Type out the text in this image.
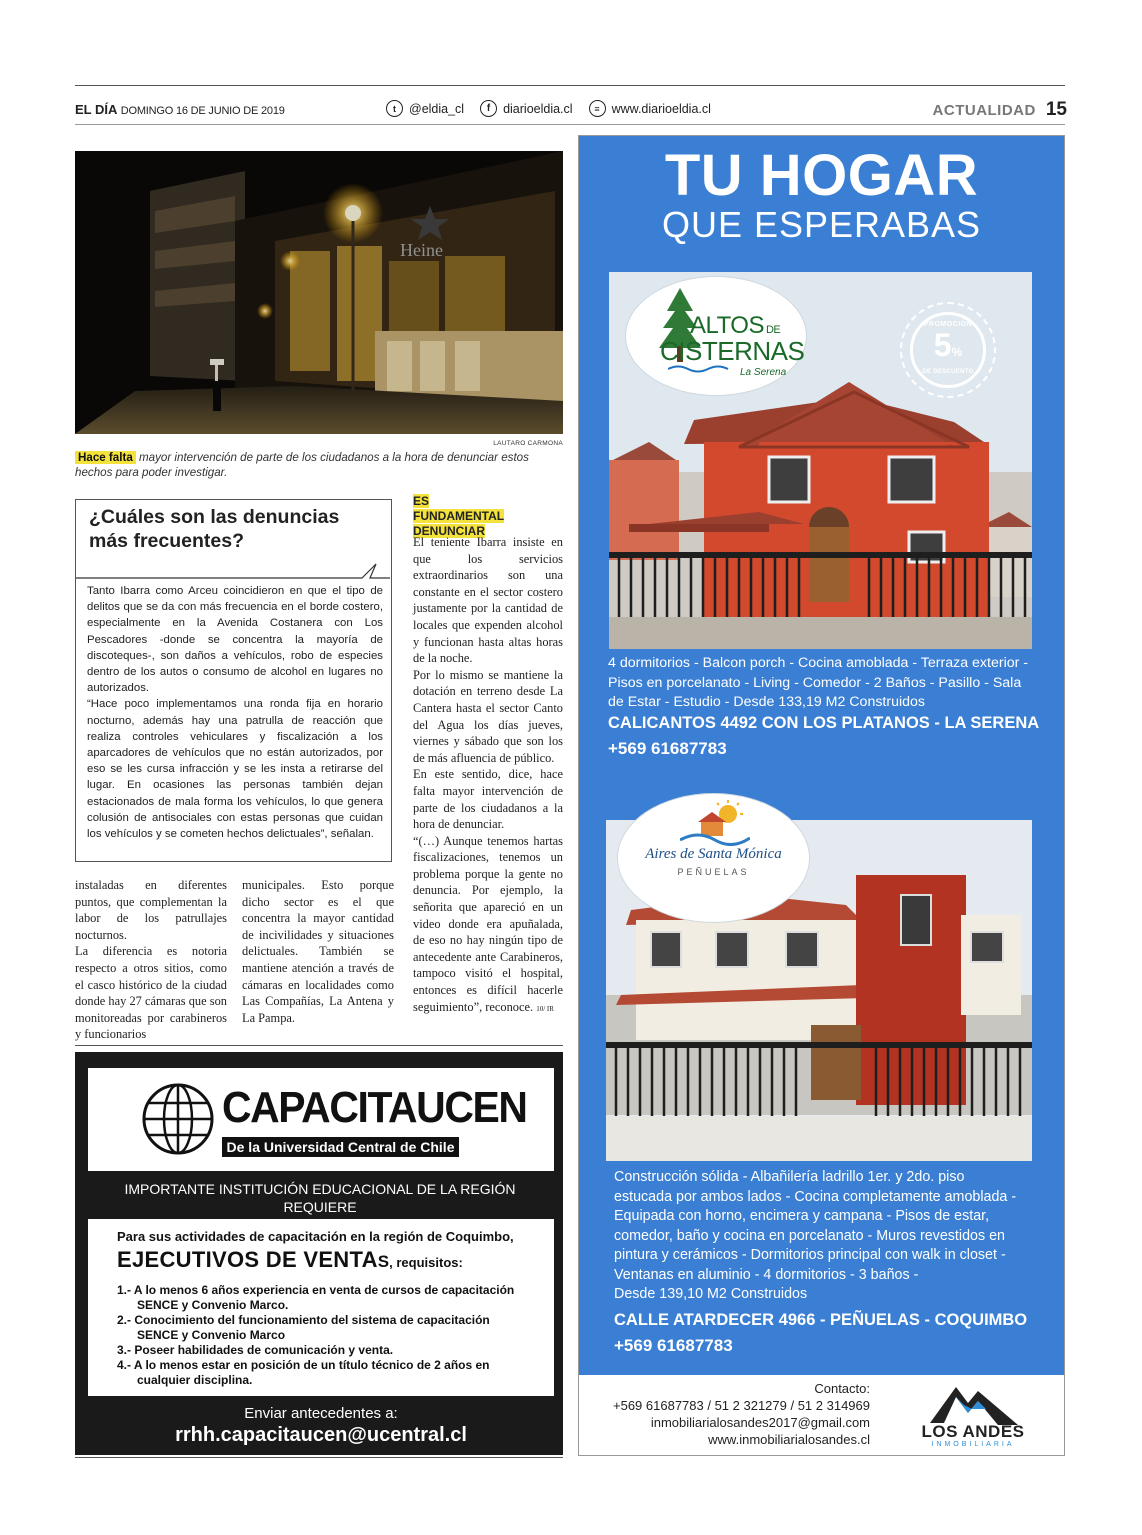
EL DÍA DOMINGO 16 DE JUNIO DE 2019	t	@eldia_cl	f	diarioeldia.cl	≡ www.diarioeldia.cl	ACTUALIDAD 15
Heine
LAUTARO CARMONA
Hace falta mayor intervención de parte de los ciudadanos a la hora de denunciar estos hechos para poder investigar.
¿Cuáles son las denuncias más frecuentes?
Tanto Ibarra como Arceu coincidieron en que el tipo de delitos que se da con más frecuencia en el borde costero, especialmente en la Avenida Costanera con Los Pescadores -donde se concentra la mayoría de discoteques-, son daños a vehículos, robo de especies dentro de los autos o consumo de alcohol en lugares no autorizados.
“Hace poco implementamos una ronda fija en horario nocturno, además hay una patrulla de reacción que realiza controles vehiculares y fiscalización a los aparcadores de vehículos que no están autorizados, por eso se les cursa infracción y se les insta a retirarse del lugar. En ocasiones las personas también dejan estacionados de mala forma los vehículos, lo que genera colusión de antisociales con estas personas que cuidan los vehículos y se cometen hechos delictuales”, señalan.
instaladas en diferentes puntos, que complementan la labor de los patrullajes nocturnos.
La diferencia es notoria respecto a otros sitios, como el casco histórico de la ciudad donde hay 27 cámaras que son monitoreadas por carabineros y funcionarios
municipales. Esto porque dicho sector es el que concentra la mayor cantidad de incivilidades y situaciones delictuales. También se mantiene atención a través de cámaras en localidades como Las Compañías, La Antena y La Pampa.
ES FUNDAMENTAL DENUNCIAR
El teniente Ibarra insiste en que los servicios extraordinarios son una constante en el sector costero justamente por la cantidad de locales que expenden alcohol y funcionan hasta altas horas de la noche.
Por lo mismo se mantiene la dotación en terreno desde La Cantera hasta el sector Canto del Agua los días jueves, viernes y sábado que son los de más afluencia de público.
En este sentido, dice, hace falta mayor intervención de parte de los ciudadanos a la hora de denunciar.
“(…) Aunque tenemos hartas fiscalizaciones, tenemos un problema porque la gente no denuncia. Por ejemplo, la señorita que apareció en un video donde era apuñalada, de eso no hay ningún tipo de antecedente ante Carabineros, tampoco visitó el hospital, entonces es difícil hacerle seguimiento”, reconoce. 10/ IR
CAPACITAUCEN
De la Universidad Central de Chile
IMPORTANTE INSTITUCIÓN EDUCACIONAL DE LA REGIÓN REQUIERE
Para sus actividades de capacitación en la región de Coquimbo,
EJECUTIVOS DE VENTAS, requisitos:
1.- A lo menos 6 años experiencia en venta de cursos de capacitación SENCE y Convenio Marco.
2.- Conocimiento del funcionamiento del sistema de capacitación SENCE y Convenio Marco
3.- Poseer habilidades de comunicación y venta.
4.- A lo menos estar en posición de un título técnico de 2 años en cualquier disciplina.
Enviar antecedentes a:
rrhh.capacitaucen@ucentral.cl
TU HOGAR
QUE ESPERABAS
ALTOS DE
CISTERNAS
La Serena
PROMOCIÓN
5%
DE DESCUENTO
4 dormitorios - Balcon porch - Cocina amoblada - Terraza exterior - Pisos en porcelanato - Living - Comedor - 2 Baños - Pasillo - Sala de Estar - Estudio - Desde 133,19 M2 Construidos
CALICANTOS 4492 CON LOS PLATANOS - LA SERENA
+569 61687783
Aires de Santa Mónica
PEÑUELAS
Construcción sólida - Albañilería ladrillo 1er. y 2do. piso estucada por ambos lados - Cocina completamente amoblada - Equipada con horno, encimera y campana - Pisos de estar, comedor, baño y cocina en porcelanato - Muros revestidos en pintura y cerámicos - Dormitorios principal con walk in closet - Ventanas en aluminio - 4 dormitorios - 3 baños -
Desde 139,10 M2 Construidos
CALLE ATARDECER 4966 - PEÑUELAS - COQUIMBO
+569 61687783
Contacto:
+569 61687783 / 51 2 321279 / 51 2 314969
inmobiliarialosandes2017@gmail.com
www.inmobiliarialosandes.cl	LOS ANDES
INMOBILIARIA
